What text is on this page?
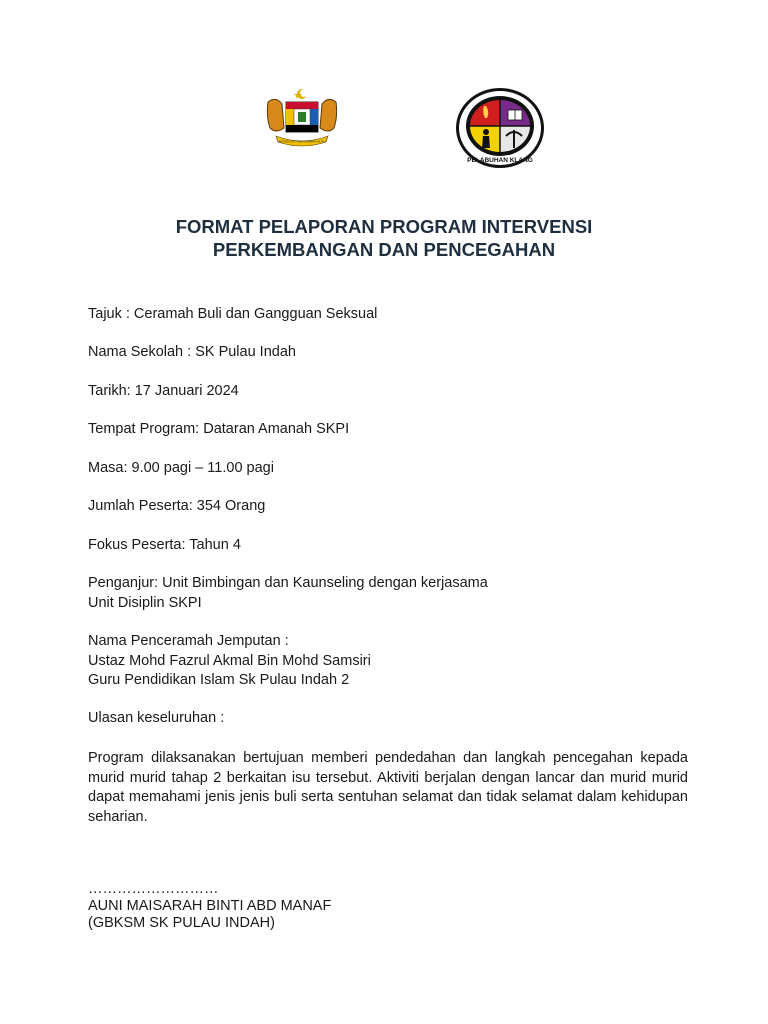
BERSEKUTU BERTAMBAH MUTU
PELABUHAN KLANG
FORMAT PELAPORAN PROGRAM INTERVENSI
PERKEMBANGAN DAN PENCEGAHAN
Tajuk : Ceramah Buli dan Gangguan Seksual
Nama Sekolah : SK Pulau Indah
Tarikh: 17 Januari 2024
Tempat Program: Dataran Amanah SKPI
Masa: 9.00 pagi – 11.00 pagi
Jumlah Peserta: 354 Orang
Fokus Peserta: Tahun 4
Penganjur: Unit Bimbingan dan Kaunseling dengan kerjasama
Unit Disiplin SKPI
Nama Penceramah Jemputan :
Ustaz Mohd Fazrul Akmal Bin Mohd Samsiri
Guru Pendidikan Islam Sk Pulau Indah 2
Ulasan keseluruhan :
Program dilaksanakan bertujuan memberi pendedahan dan langkah pencegahan kepada murid murid tahap 2 berkaitan isu tersebut. Aktiviti berjalan dengan lancar dan murid murid dapat memahami jenis jenis buli serta sentuhan selamat dan tidak selamat dalam kehidupan seharian.
………………………
AUNI MAISARAH BINTI ABD MANAF
(GBKSM SK PULAU INDAH)
